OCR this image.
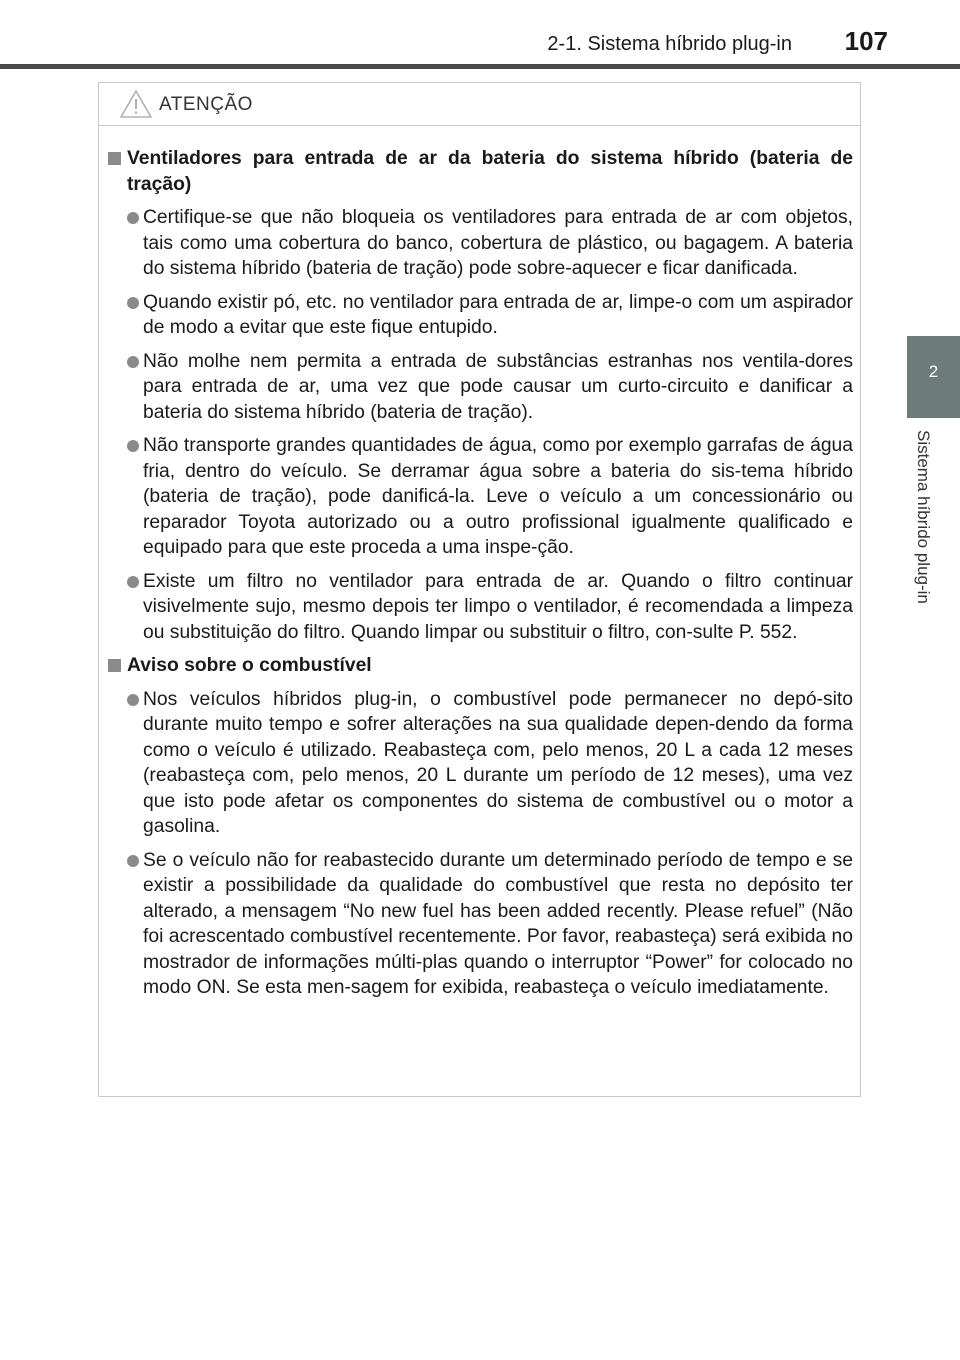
2-1. Sistema híbrido plug-in 107
2
Sistema híbrido plug-in
ATENÇÃO
Ventiladores para entrada de ar da bateria do sistema híbrido (bateria de tração)
Certifique-se que não bloqueia os ventiladores para entrada de ar com objetos, tais como uma cobertura do banco, cobertura de plástico, ou bagagem. A bateria do sistema híbrido (bateria de tração) pode sobre-aquecer e ficar danificada.
Quando existir pó, etc. no ventilador para entrada de ar, limpe-o com um aspirador de modo a evitar que este fique entupido.
Não molhe nem permita a entrada de substâncias estranhas nos ventila-dores para entrada de ar, uma vez que pode causar um curto-circuito e danificar a bateria do sistema híbrido (bateria de tração).
Não transporte grandes quantidades de água, como por exemplo garrafas de água fria, dentro do veículo. Se derramar água sobre a bateria do sis-tema híbrido (bateria de tração), pode danificá-la. Leve o veículo a um concessionário ou reparador Toyota autorizado ou a outro profissional igualmente qualificado e equipado para que este proceda a uma inspe-ção.
Existe um filtro no ventilador para entrada de ar. Quando o filtro continuar visivelmente sujo, mesmo depois ter limpo o ventilador, é recomendada a limpeza ou substituição do filtro. Quando limpar ou substituir o filtro, con-sulte P. 552.
Aviso sobre o combustível
Nos veículos híbridos plug-in, o combustível pode permanecer no depó-sito durante muito tempo e sofrer alterações na sua qualidade depen-dendo da forma como o veículo é utilizado. Reabasteça com, pelo menos, 20 L a cada 12 meses (reabasteça com, pelo menos, 20 L durante um período de 12 meses), uma vez que isto pode afetar os componentes do sistema de combustível ou o motor a gasolina.
Se o veículo não for reabastecido durante um determinado período de tempo e se existir a possibilidade da qualidade do combustível que resta no depósito ter alterado, a mensagem “No new fuel has been added recently. Please refuel” (Não foi acrescentado combustível recentemente. Por favor, reabasteça) será exibida no mostrador de informações múlti-plas quando o interruptor “Power” for colocado no modo ON. Se esta men-sagem for exibida, reabasteça o veículo imediatamente.
